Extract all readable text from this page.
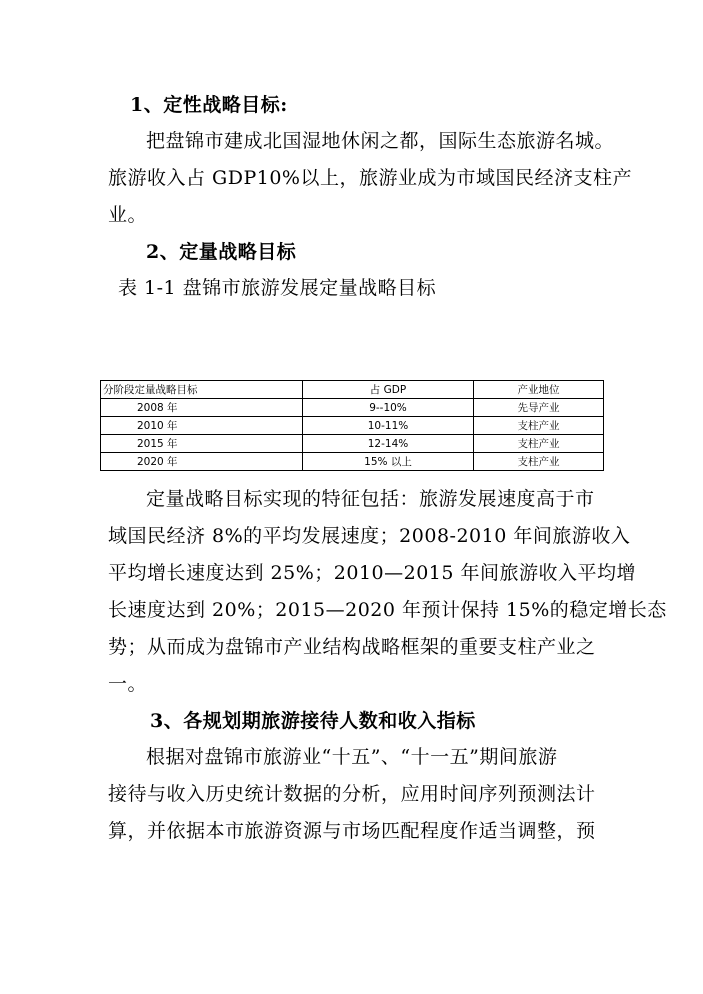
1、定性战略目标:
把盘锦市建成北国湿地休闲之都，国际生态旅游名城。
旅游收入占 GDP10%以上，旅游业成为市域国民经济支柱产
业。
2、定量战略目标
表 1-1 盘锦市旅游发展定量战略目标
分阶段定量战略目标	占 GDP	产业地位
2008 年	9--10%	先导产业
2010 年	10-11%	支柱产业
2015 年	12-14%	支柱产业
2020 年	15% 以上	支柱产业
定量战略目标实现的特征包括：旅游发展速度高于市
域国民经济 8%的平均发展速度；2008-2010 年间旅游收入
平均增长速度达到 25%；2010—2015 年间旅游收入平均增
长速度达到 20%；2015—2020 年预计保持 15%的稳定增长态
势；从而成为盘锦市产业结构战略框架的重要支柱产业之
一。
3、各规划期旅游接待人数和收入指标
根据对盘锦市旅游业“十五”、“十一五”期间旅游
接待与收入历史统计数据的分析，应用时间序列预测法计
算，并依据本市旅游资源与市场匹配程度作适当调整，预
